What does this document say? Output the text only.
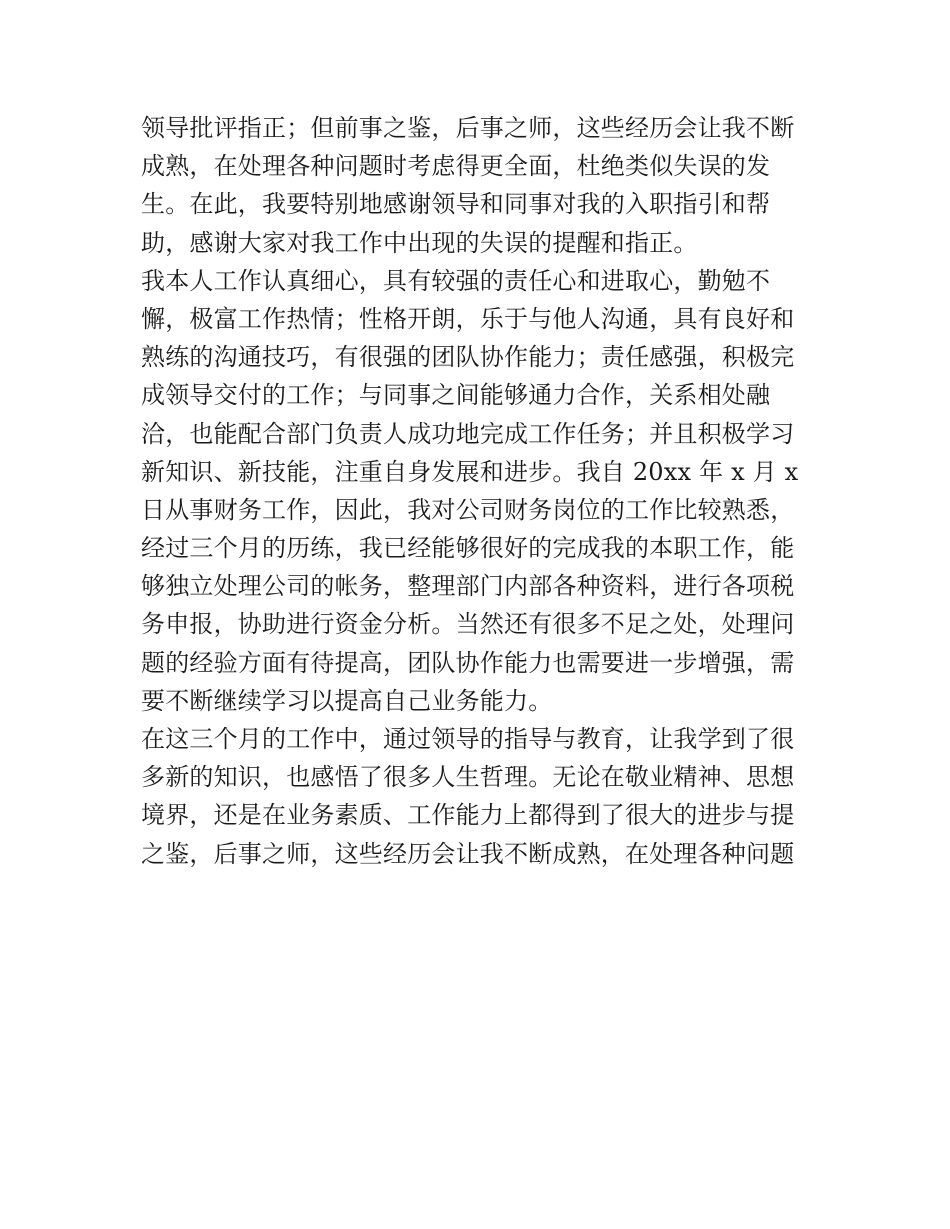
领导批评指正；但前事之鉴，后事之师，这些经历会让我不断
成熟，在处理各种问题时考虑得更全面，杜绝类似失误的发
生。在此，我要特别地感谢领导和同事对我的入职指引和帮
助，感谢大家对我工作中出现的失误的提醒和指正。
我本人工作认真细心，具有较强的责任心和进取心，勤勉不
懈，极富工作热情；性格开朗，乐于与他人沟通，具有良好和
熟练的沟通技巧，有很强的团队协作能力；责任感强，积极完
成领导交付的工作；与同事之间能够通力合作，关系相处融
洽，也能配合部门负责人成功地完成工作任务；并且积极学习
新知识、新技能，注重自身发展和进步。我自 20xx 年 x 月 x
日从事财务工作，因此，我对公司财务岗位的工作比较熟悉，
经过三个月的历练，我已经能够很好的完成我的本职工作，能
够独立处理公司的帐务，整理部门内部各种资料，进行各项税
务申报，协助进行资金分析。当然还有很多不足之处，处理问
题的经验方面有待提高，团队协作能力也需要进一步增强，需
要不断继续学习以提高自己业务能力。
在这三个月的工作中，通过领导的指导与教育，让我学到了很
多新的知识，也感悟了很多人生哲理。无论在敬业精神、思想
境界，还是在业务素质、工作能力上都得到了很大的进步与提
之鉴，后事之师，这些经历会让我不断成熟，在处理各种问题
